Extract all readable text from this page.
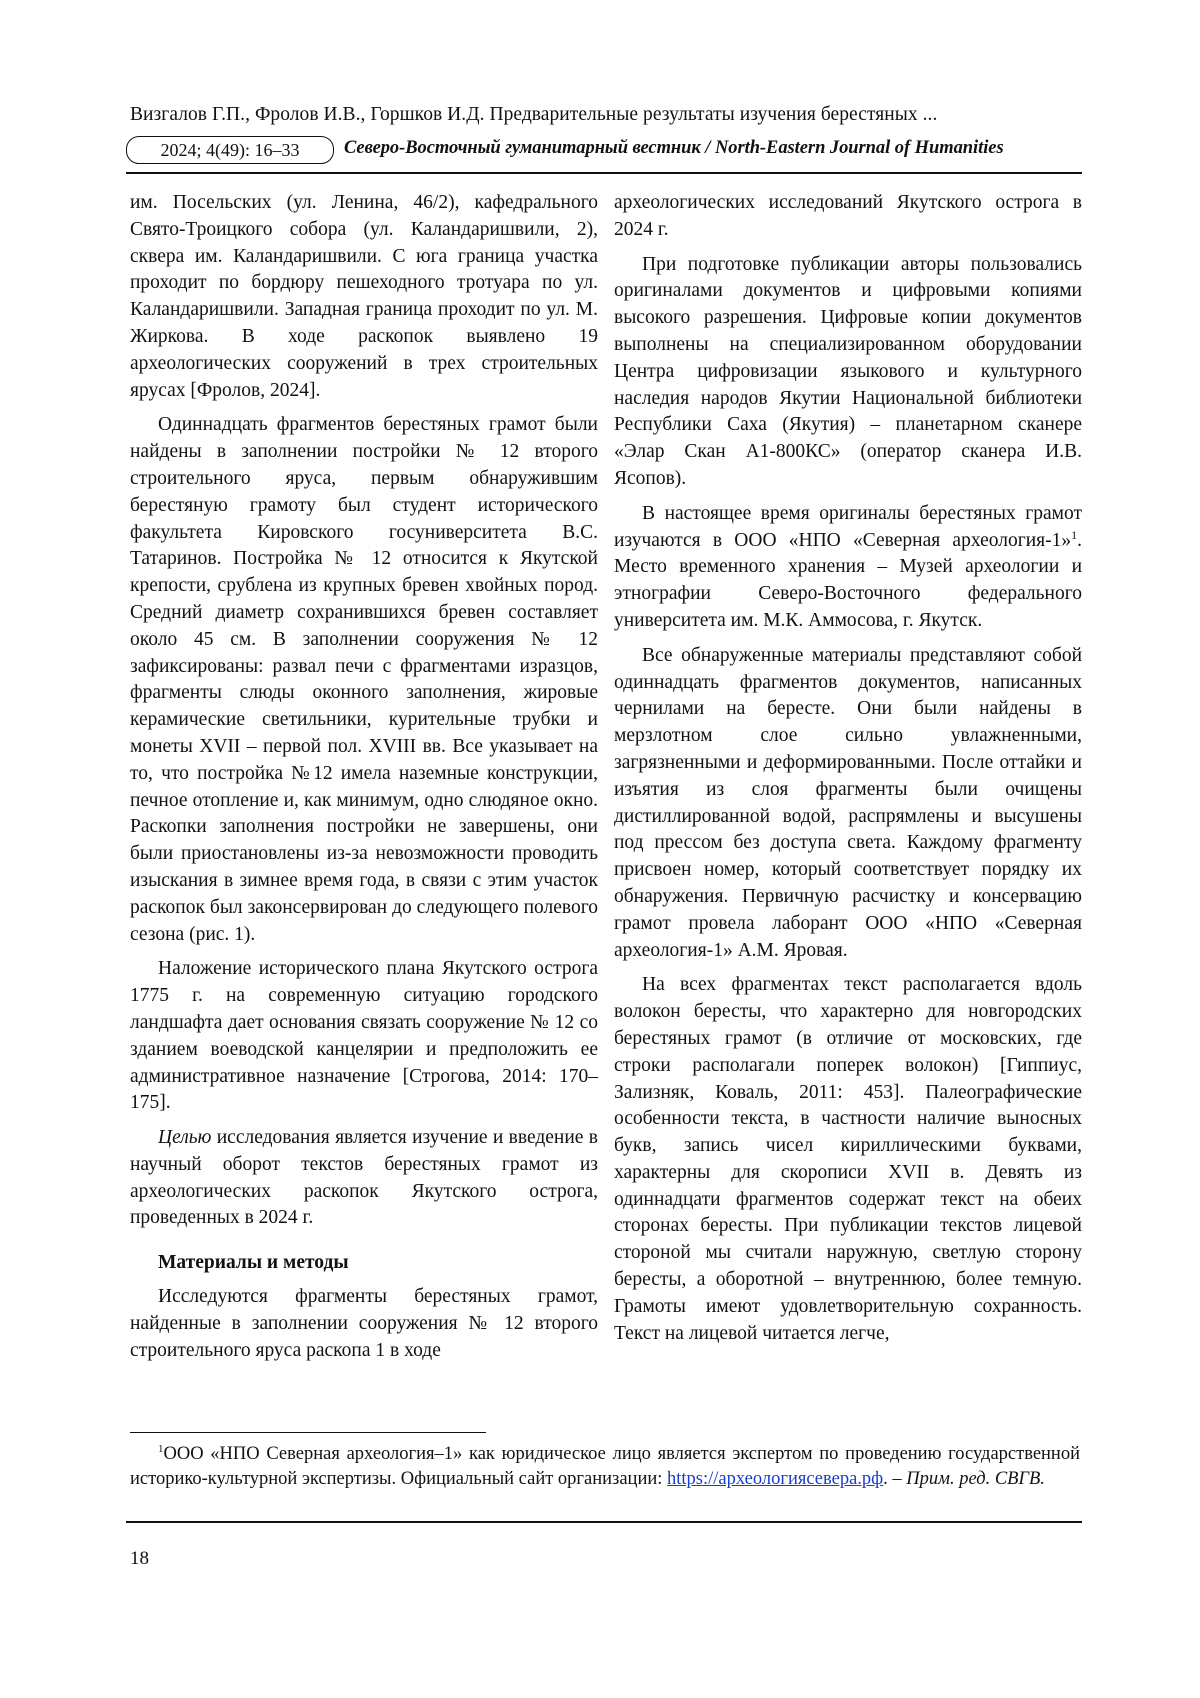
Визгалов Г.П., Фролов И.В., Горшков И.Д. Предварительные результаты изучения берестяных ...
2024; 4(49): 16–33	Северо-Восточный гуманитарный вестник / North-Eastern Journal of Humanities

им. Посельских (ул. Ленина, 46/2), кафедрального Свято-Троицкого собора (ул. Каландаришвили, 2), сквера им. Каландаришвили. С юга граница участка проходит по бордюру пешеходного тротуара по ул. Каландаришвили. Западная граница проходит по ул. М. Жиркова. В ходе раскопок выявлено 19 археологических сооружений в трех строительных ярусах [Фролов, 2024].

Одиннадцать фрагментов берестяных грамот были найдены в заполнении постройки № 12 второго строительного яруса, первым обнаружившим берестяную грамоту был студент исторического факультета Кировского госуниверситета В.С. Татаринов. Постройка № 12 относится к Якутской крепости, срублена из крупных бревен хвойных пород. Средний диаметр сохранившихся бревен составляет около 45 см. В заполнении сооружения № 12 зафиксированы: развал печи с фрагментами изразцов, фрагменты слюды оконного заполнения, жировые керамические светильники, курительные трубки и монеты XVII – первой пол. XVIII вв. Все указывает на то, что постройка №12 имела наземные конструкции, печное отопление и, как минимум, одно слюдяное окно. Раскопки заполнения постройки не завершены, они были приостановлены из-за невозможности проводить изыскания в зимнее время года, в связи с этим участок раскопок был законсервирован до следующего полевого сезона (рис. 1).

Наложение исторического плана Якутского острога 1775 г. на современную ситуацию городского ландшафта дает основания связать сооружение № 12 со зданием воеводской канцелярии и предположить ее административное назначение [Строгова, 2014: 170–175].

Целью исследования является изучение и введение в научный оборот текстов берестяных грамот из археологических раскопок Якутского острога, проведенных в 2024 г.

Материалы и методы

Исследуются фрагменты берестяных грамот, найденные в заполнении сооружения № 12 второго строительного яруса раскопа 1 в ходе

археологических исследований Якутского острога в 2024 г.

При подготовке публикации авторы пользовались оригиналами документов и цифровыми копиями высокого разрешения. Цифровые копии документов выполнены на специализированном оборудовании Центра цифровизации языкового и культурного наследия народов Якутии Национальной библиотеки Республики Саха (Якутия) – планетарном сканере «Элар Скан А1-800КС» (оператор сканера И.В. Ясопов).

В настоящее время оригиналы берестяных грамот изучаются в ООО «НПО «Северная археология-1»$^1$. Место временного хранения – Музей археологии и этнографии Северо-Восточного федерального университета им. М.К. Аммосова, г. Якутск.

Все обнаруженные материалы представляют собой одиннадцать фрагментов документов, написанных чернилами на бересте. Они были найдены в мерзлотном слое сильно увлажненными, загрязненными и деформированными. После оттайки и изъятия из слоя фрагменты были очищены дистиллированной водой, распрямлены и высушены под прессом без доступа света. Каждому фрагменту присвоен номер, который соответствует порядку их обнаружения. Первичную расчистку и консервацию грамот провела лаборант ООО «НПО «Северная археология-1» А.М. Яровая.

На всех фрагментах текст располагается вдоль волокон бересты, что характерно для новгородских берестяных грамот (в отличие от московских, где строки располагали поперек волокон) [Гиппиус, Зализняк, Коваль, 2011: 453]. Палеографические особенности текста, в частности наличие выносных букв, запись чисел кириллическими буквами, характерны для скорописи XVII в. Девять из одиннадцати фрагментов содержат текст на обеих сторонах бересты. При публикации текстов лицевой стороной мы считали наружную, светлую сторону бересты, а оборотной – внутреннюю, более темную. Грамоты имеют удовлетворительную сохранность. Текст на лицевой читается легче,

$^1$ООО «НПО Северная археология–1» как юридическое лицо является экспертом по проведению государственной историко-культурной экспертизы. Официальный сайт организации: https://археологиясевера.рф. – Прим. ред. СВГВ.
18
